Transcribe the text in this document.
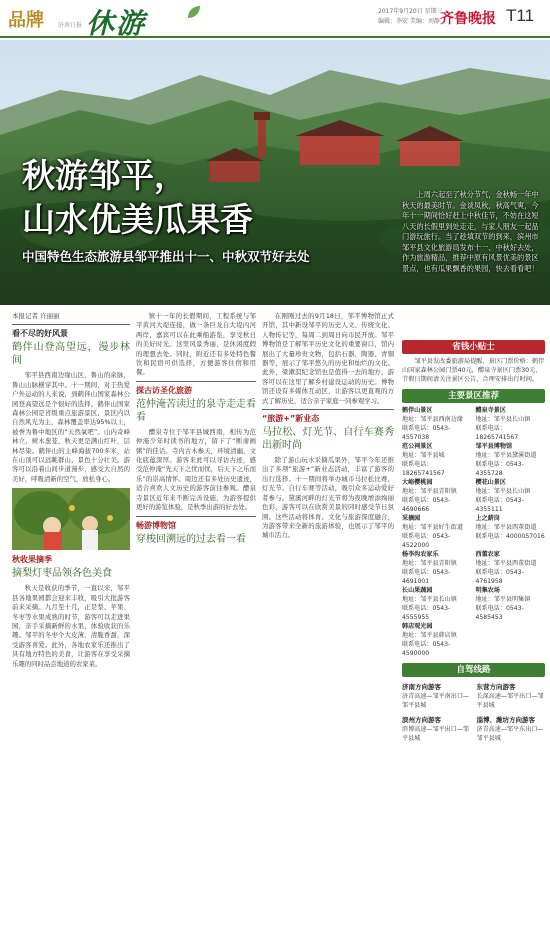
品牌	济南日报 休游	2017年9月20日 星期三
编辑：李宏 美编：刘静 齐鲁晚报 T11
秋游邹平，
山水优美瓜果香
中国特色生态旅游县邹平推出十一、中秋双节好去处
上周六起至了秋分节气，金秋畅一年中秋天的最美时节。金谈凤秋，秋高气爽，今年十一期间恰好赶上中秋佳节，不妨在这短八天的长假里到处走走，与家人朋友一起品门游玩旅行。当了趁填双节的到来，滨州市邹平县文化旅游局发布十一、中秋好去处，作为旅游精品，推荐中原有风景优美的景区景点，也有瓜果飘香的果园，快去看看吧！
本报记者 许丽丽
看不尽的好风景
鹤伴山登高望远，漫步林间

邹平县西南边缘山区，鲁山的余脉，鲁山山脉横穿其中。十一期间，对于热爱户外运动的人来说，到鹤伴山国家森林公园登高望远是个很好的选择。鹤伴山国家森林公园是省级重点旅游景区，景区内以自然风光为主，森林覆盖率达95%以上，被誉为鲁中地区的“天然氧吧”。山内奇峰林立，树木葱茏，秋天更是满山红叶，层林尽染。鹤伴山的主峰海拔700多米，站在山顶可以远眺群山，景色十分壮美。游客可以沿着山间步道漫步，感受大自然的美好，呼吸清新的空气，放松身心。

秋收果摘季
摘梨灯枣品领各色美食

秋天是收获的季节，一直以来，邹平县各地果园都会迎来丰收，吸引大批游客前来采摘。九月至十月，正是梨、苹果、冬枣等水果成熟的时节，游客可以走进果园，亲手采摘新鲜的水果，体验收获的乐趣。邹平的冬枣个大皮薄、清脆香甜，深受游客喜爱。此外，各地农家乐还推出了具有地方特色的美食，让游客在享受采摘乐趣的同时品尝地道的农家菜。

镇十一年的长假期间，工程系统与邹平黄河大堤连接，做一条巨龙自大堤内河两岸，嘉宾可以在此乘船游览，享受秋日的美好时光。这里风景秀丽，是休闲度假的理想去处。同时，附近还有多处特色餐饮和民宿可供选择，方便游客住宿和用餐。

探古访圣化旅游
范仲淹苦读过的泉寺走走看看

醴泉寺位于邹平县城西南，相传为范仲淹少年时读书的地方，留下了“断齑画粥”的佳话。寺内古木参天，环境清幽，文化底蕴深厚。游客来此可以寻访古迹，感受范仲淹“先天下之忧而忧，后天下之乐而乐”的崇高情怀。周边还有多处历史遗迹，适合喜欢人文历史的游客前往参观。醴泉寺景区近年来不断完善设施，为游客提供更好的游览体验，是秋季出游的好去处。

畅游博物馆
穿梭回溯远的过去看一看

在刚刚过去的9月18日，邹平博物馆正式开馆，其中新设邹平的历史人文、传统文化、人物传记等，每周二到周日向市民开放。邹平博物馆是了解邹平历史文化的重要窗口，馆内展出了大量珍贵文物，包括石器、陶器、青铜器等，展示了邹平悠久的历史和灿烂的文化。此外，梁漱溟纪念馆也是值得一去的地方，游客可以在这里了解乡村建设运动的历史。博物馆还设有多媒体互动区，让游客以更直观的方式了解历史，适合亲子家庭一同参观学习。

“旅游+”新业态
马拉松、灯光节、自行车赛秀出新时尚

除了游山玩水采摘瓜果外，邹平今年还推出了多项“旅游+”新业态活动，丰富了游客的出行选择。十一期间将举办城市马拉松比赛、灯光节、自行车赛等活动，吸引众多运动爱好者参与。黛溪河畔的灯光节将为夜晚增添绚丽色彩，游客可以在欣赏美景的同时感受节日氛围。这些活动将体育、文化与旅游深度融合，为游客带来全新的旅游体验，也展示了邹平的城市活力。

省钱小贴士

邹平县发改委旅游局提醒，景区门票价格：鹤伴山国家森林公园门票40元，醴泉寺景区门票30元，节假日期间请关注景区公告，合理安排出行时间。

主要景区推荐
鹤伴山景区
地址：邹平县西南边缘
联系电话：0543-4557038
醴泉寺景区
地址：邹平县长山镇
联系电话：18265741567
范公祠景区
地址：邹平县城
联系电话：18265741567
邹平县博物馆
地址：邹平县黛溪街道
联系电话：0543-4355728
大峪樱桃园
地址：邹平县青阳镇
联系电话：0543-4690666
樱花山景区
地址：邹平县长山镇
联系电话：0543-4355111
采摘园
地址：邹平县好生街道
联系电话：0543-4522000
上之薪岗
地址：邹平县西董街道
联系电话：4000057016
杨李沟农家乐
地址：邹平县青阳镇
联系电话：0543-4691001
西董农家
地址：邹平县西董街道
联系电话：0543-4761958
长山果蔬园
地址：邹平县长山镇
联系电话：0543-4555955
明集农场
地址：邹平县明集镇
联系电话：0543-4585453
韩店观光园
地址：邹平县韩店镇
联系电话：0543-4590000
自驾线路
济南方向游客
济青高速—邹平南出口—邹平县城
东营方向游客
长深高速—邹平出口—邹平县城
滨州方向游客
滨博高速—邹平出口—邹平县城
淄博、潍坊方向游客
济青高速—邹平东出口—邹平县城
